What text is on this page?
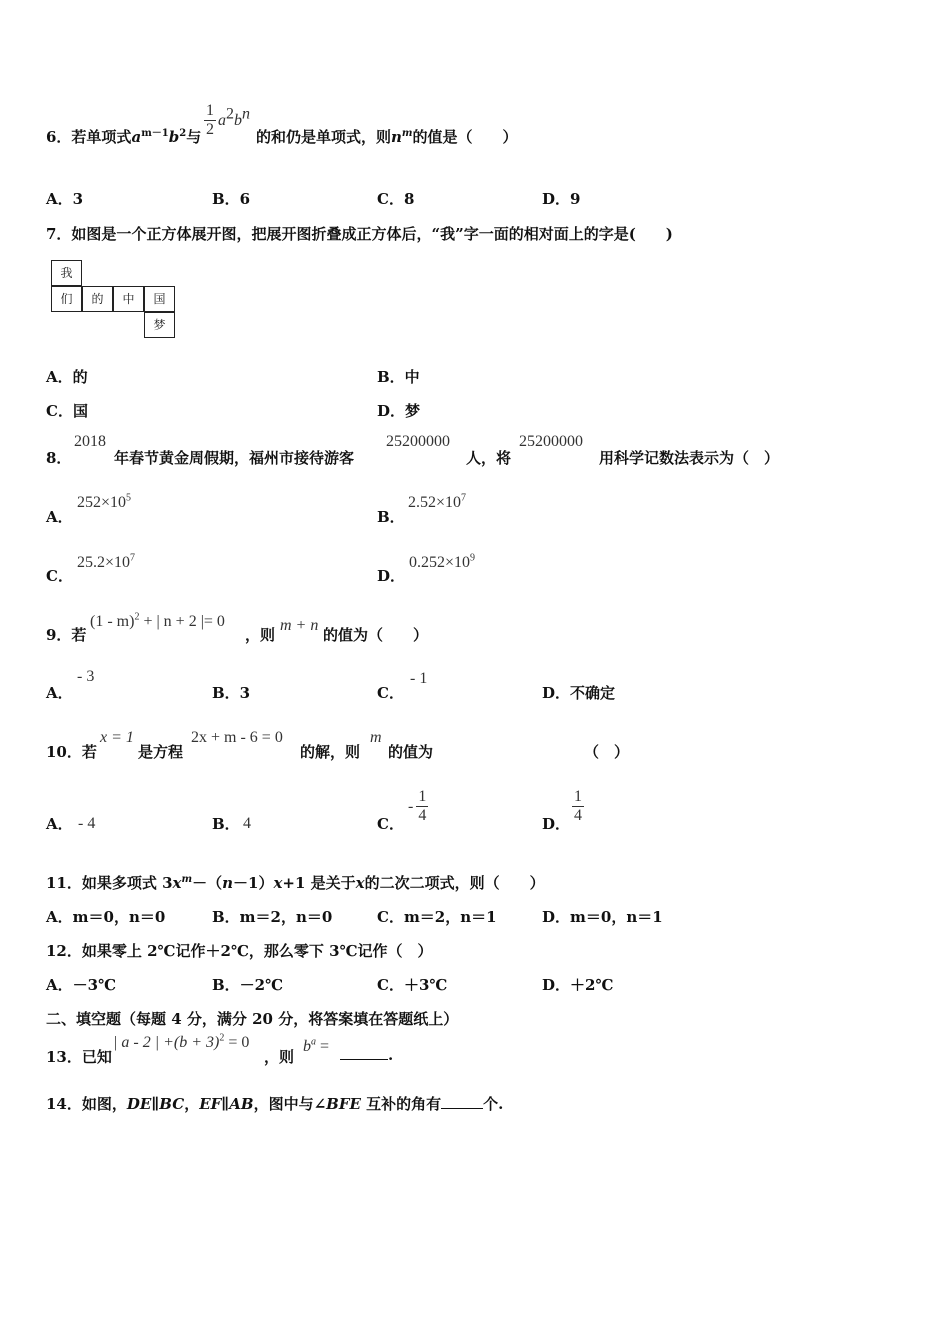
6．若单项式$a^{m-1}b^2$与 $\frac{1}{2} a^2b^n$
的和仍是单项式，则$n^m$的值是（　　）
A．3	B．6	C．8	D．9
7．如图是一个正方体展开图，把展开图折叠成正方体后，“我”字一面的相对面上的字是(　　)
我
们	的	中	国
梦
A．的	B．中
C．国	D．梦
8．
2018
年春节黄金周假期，福州市接待游客
25200000
人，将
25200000
用科学记数法表示为（　）
A．
$252\times 10^5$
B．
$2.52\times 10^7$
C．
$25.2\times 10^7$
D．
$0.252\times 10^9$
9．若
(1 - m)$^2$ + | n + 2 |= 0
，则
m + n
的值为（　　）
A．
- 3
B．3	C．
- 1
D．不确定
10．若
x = 1
是方程
2x + m - 6 = 0
的解，则
m
的值为	（　）
A． - 4	B． 4	C．
- $\frac{1}{4}$	D． $\frac{1}{4}$
11．如果多项式 $3x^m-(n-1)x+1$ 是关于x的二次二项式，则（　　）
A．m＝0，n＝0	B．m＝2，n＝0	C．m＝2，n＝1	D．m＝0，n＝1
12．如果零上 2℃记作＋2℃，那么零下 3℃记作（　）
A．－3℃	B．－2℃	C．＋3℃	D．＋2℃
二、填空题（每题 4 分，满分 20 分，将答案填在答题纸上）
13．已知
| a - 2 | $+(b + 3)^2 = 0$
，则
$b^a$ =	.
14．如图，DE∥BC，EF∥AB，图中与∠BFE 互补的角有	个.
